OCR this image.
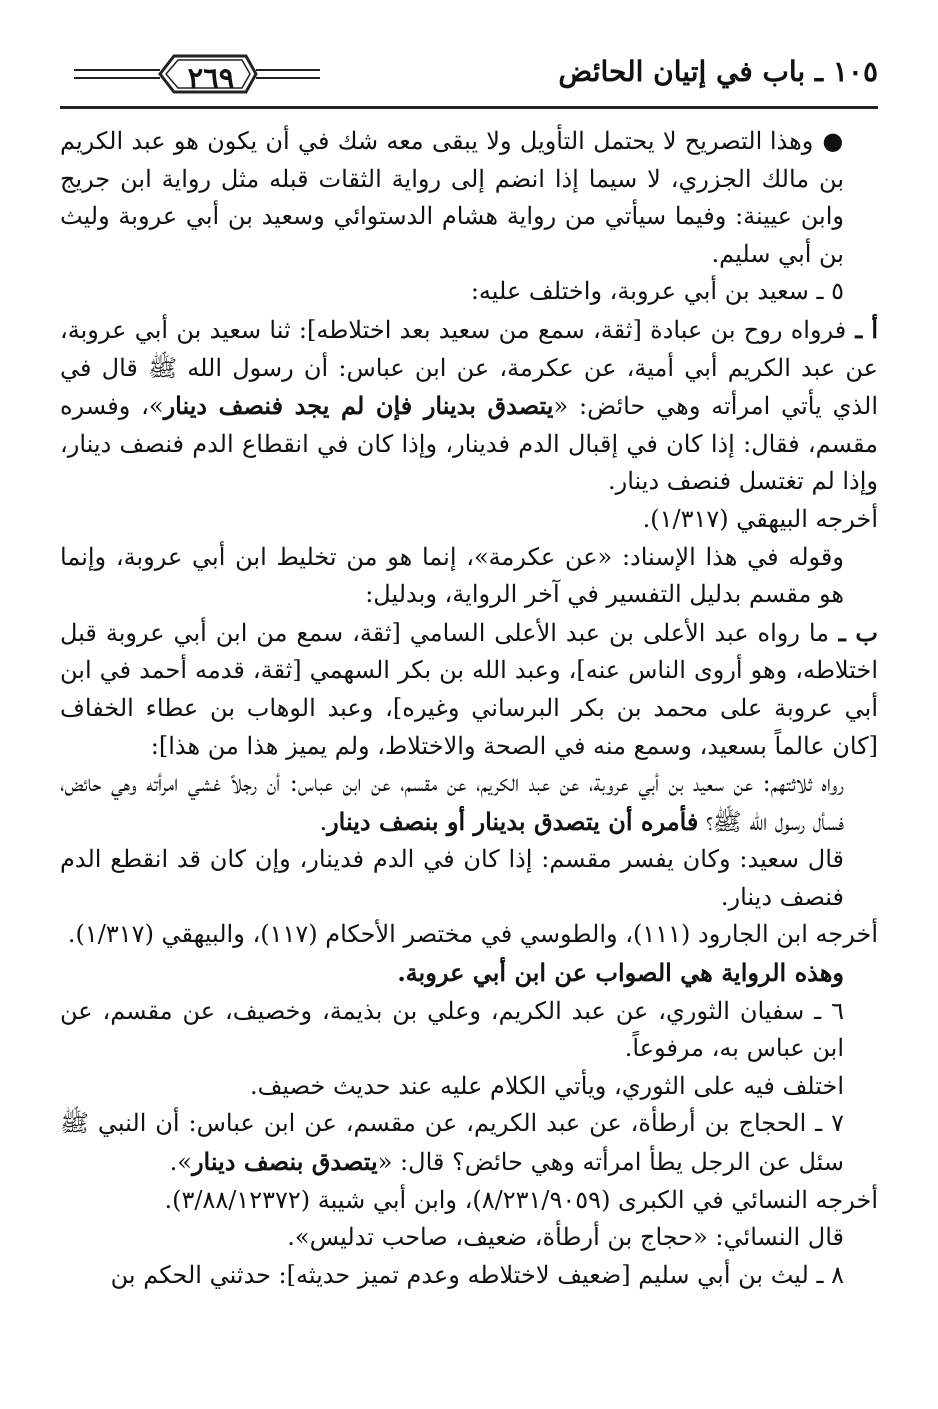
٢٦٩	١٠٥ ـ باب في إتيان الحائض

● وهذا التصريح لا يحتمل التأويل ولا يبقى معه شك في أن يكون هو عبد الكريم بن مالك الجزري، لا سيما إذا انضم إلى رواية الثقات قبله مثل رواية ابن جريج وابن عيينة: وفيما سيأتي من رواية هشام الدستوائي وسعيد بن أبي عروبة وليث بن أبي سليم.

٥ ـ سعيد بن أبي عروبة، واختلف عليه:

أ ـ فرواه روح بن عبادة [ثقة، سمع من سعيد بعد اختلاطه]: ثنا سعيد بن أبي عروبة، عن عبد الكريم أبي أمية، عن عكرمة، عن ابن عباس: أن رسول الله ﷺ قال في الذي يأتي امرأته وهي حائض: «يتصدق بدينار فإن لم يجد فنصف دينار»، وفسره مقسم، فقال: إذا كان في إقبال الدم فدينار، وإذا كان في انقطاع الدم فنصف دينار، وإذا لم تغتسل فنصف دينار.

أخرجه البيهقي (١/٣١٧).

وقوله في هذا الإسناد: «عن عكرمة»، إنما هو من تخليط ابن أبي عروبة، وإنما هو مقسم بدليل التفسير في آخر الرواية، وبدليل:

ب ـ ما رواه عبد الأعلى بن عبد الأعلى السامي [ثقة، سمع من ابن أبي عروبة قبل اختلاطه، وهو أروى الناس عنه]، وعبد الله بن بكر السهمي [ثقة، قدمه أحمد في ابن أبي عروبة على محمد بن بكر البرساني وغيره]، وعبد الوهاب بن عطاء الخفاف [كان عالماً بسعيد، وسمع منه في الصحة والاختلاط، ولم يميز هذا من هذا]:

رواه ثلاثتهم: عن سعيد بن أبي عروبة، عن عبد الكريم، عن مقسم، عن ابن عباس: أن رجلاً غشي امرأته وهي حائض، فسأل رسول الله ﷺ؟ فأمره أن يتصدق بدينار أو بنصف دينار.

قال سعيد: وكان يفسر مقسم: إذا كان في الدم فدينار، وإن كان قد انقطع الدم فنصف دينار.

أخرجه ابن الجارود (١١١)، والطوسي في مختصر الأحكام (١١٧)، والبيهقي (١/٣١٧).

وهذه الرواية هي الصواب عن ابن أبي عروبة.

٦ ـ سفيان الثوري، عن عبد الكريم، وعلي بن بذيمة، وخصيف، عن مقسم، عن ابن عباس به، مرفوعاً.

اختلف فيه على الثوري، ويأتي الكلام عليه عند حديث خصيف.

٧ ـ الحجاج بن أرطأة، عن عبد الكريم، عن مقسم، عن ابن عباس: أن النبي ﷺ سئل عن الرجل يطأ امرأته وهي حائض؟ قال: «يتصدق بنصف دينار».

أخرجه النسائي في الكبرى (٨/٢٣١/٩٠٥٩)، وابن أبي شيبة (٣/٨٨/١٢٣٧٢).

قال النسائي: «حجاج بن أرطأة، ضعيف، صاحب تدليس».

٨ ـ ليث بن أبي سليم [ضعيف لاختلاطه وعدم تميز حديثه]: حدثني الحكم بن
